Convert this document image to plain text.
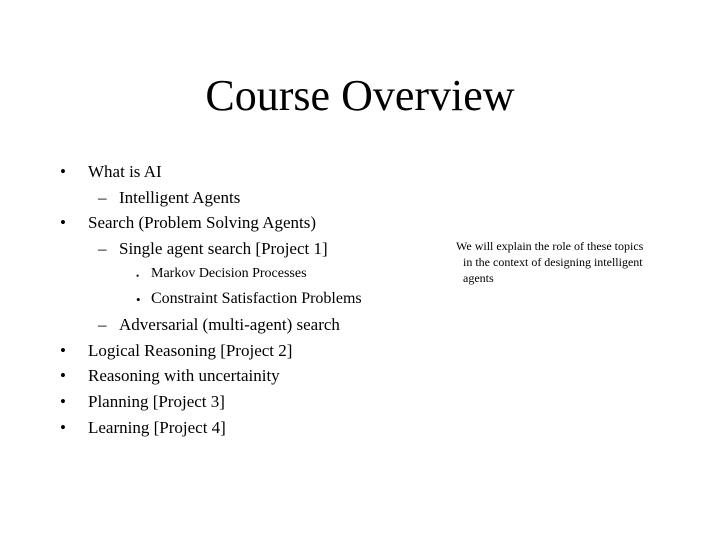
Course Overview
• What is AI
– Intelligent Agents
• Search (Problem Solving Agents)
– Single agent search [Project 1]
• Markov Decision Processes
• Constraint Satisfaction Problems
– Adversarial (multi-agent) search
• Logical Reasoning [Project 2]
• Reasoning with uncertainity
• Planning [Project 3]
• Learning [Project 4]
We will explain the role of these topics
in the context of designing intelligent
agents
